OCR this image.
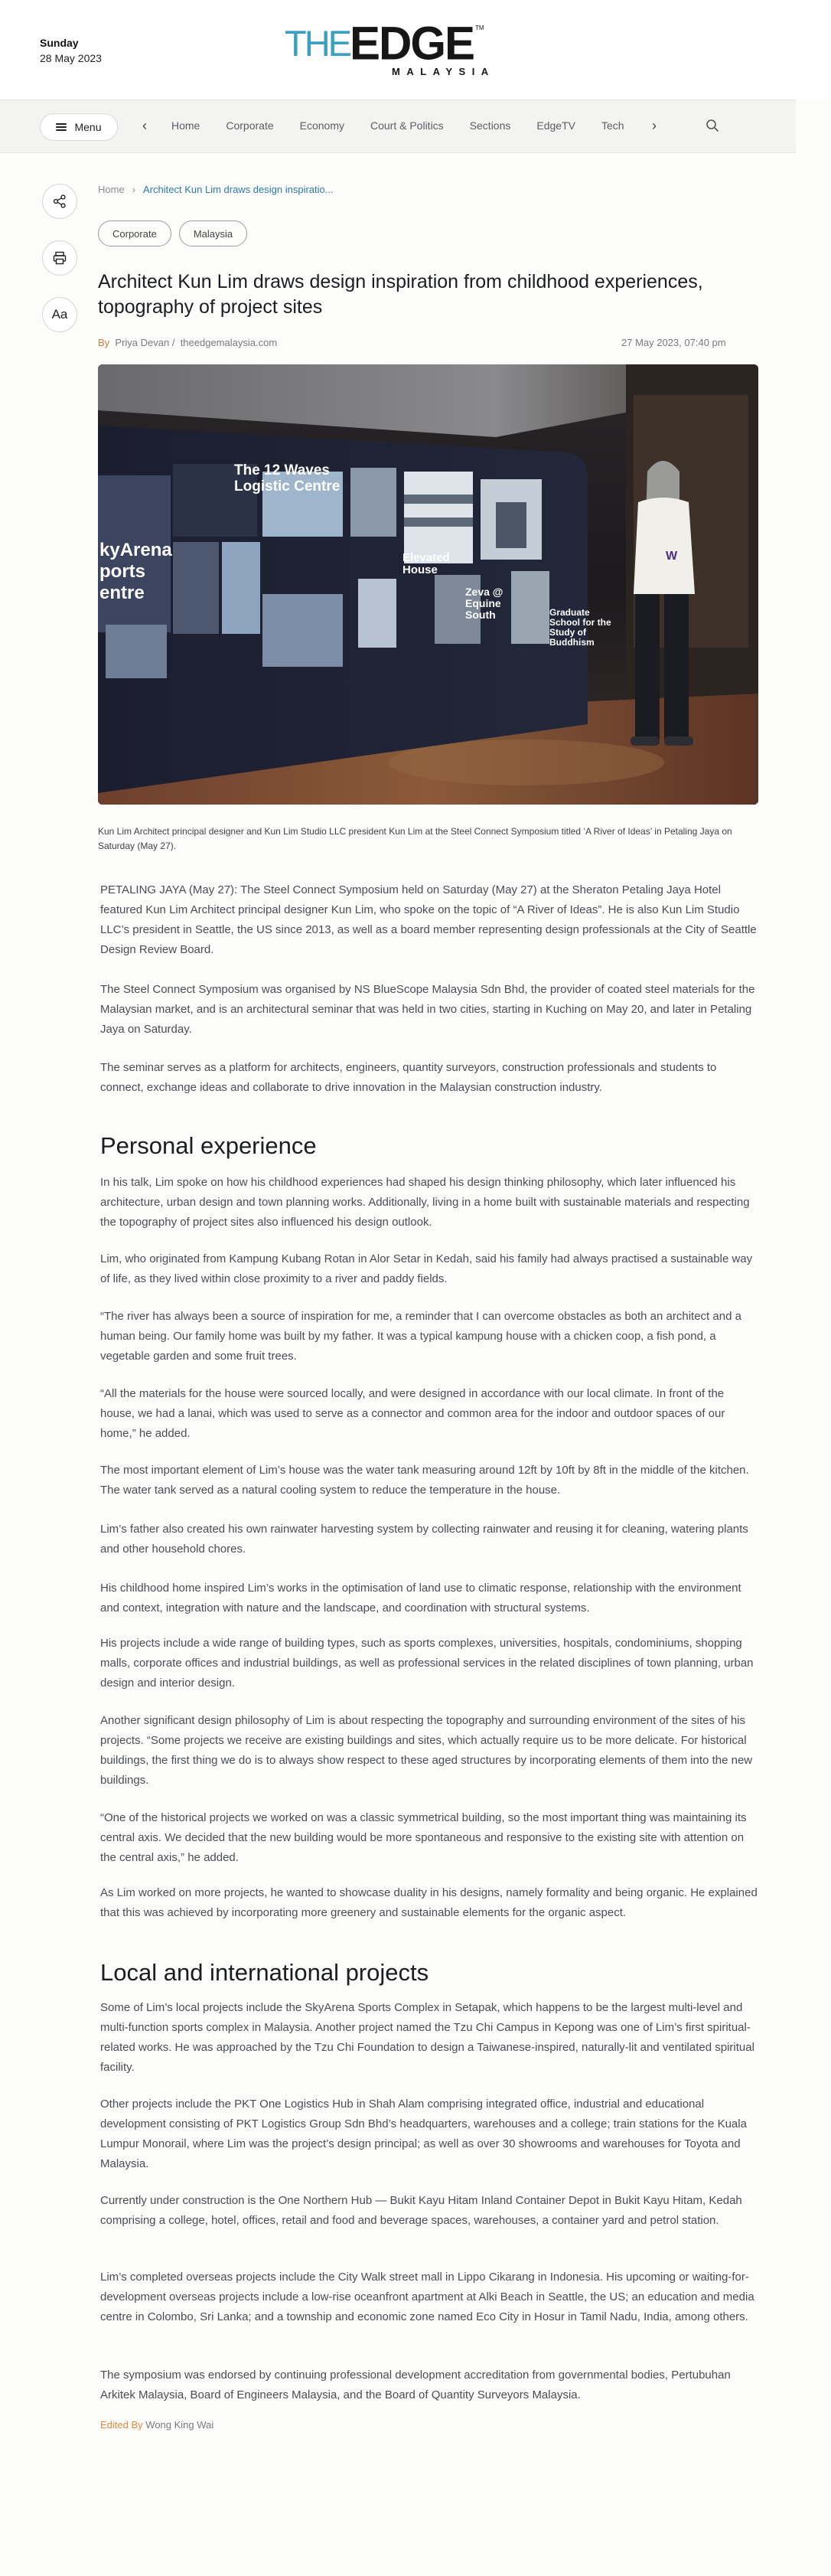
Sunday
28 May 2023	THE EDGE TM
MALAYSIA
Menu	‹ Home Corporate Economy Court & Politics Sections EdgeTV Tech ›
Aa
Home › Architect Kun Lim draws design inspiratio...
Corporate	Malaysia
Architect Kun Lim draws design inspiration from childhood experiences, topography of project sites
By Priya Devan / theedgemalaysia.com	27 May 2023, 07:40 pm
kyArena
ports
entre
The 12 Waves Logistic Centre
Elevated House
Zeva @ Equine South	Graduate School for the Study of Buddhism
W

Kun Lim Architect principal designer and Kun Lim Studio LLC president Kun Lim at the Steel Connect Symposium titled ‘A River of Ideas’ in Petaling Jaya on Saturday (May 27).

PETALING JAYA (May 27): The Steel Connect Symposium held on Saturday (May 27) at the Sheraton Petaling Jaya Hotel featured Kun Lim Architect principal designer Kun Lim, who spoke on the topic of “A River of Ideas”. He is also Kun Lim Studio LLC’s president in Seattle, the US since 2013, as well as a board member representing design professionals at the City of Seattle Design Review Board.

The Steel Connect Symposium was organised by NS BlueScope Malaysia Sdn Bhd, the provider of coated steel materials for the Malaysian market, and is an architectural seminar that was held in two cities, starting in Kuching on May 20, and later in Petaling Jaya on Saturday.

The seminar serves as a platform for architects, engineers, quantity surveyors, construction professionals and students to connect, exchange ideas and collaborate to drive innovation in the Malaysian construction industry.

Personal experience

In his talk, Lim spoke on how his childhood experiences had shaped his design thinking philosophy, which later influenced his architecture, urban design and town planning works. Additionally, living in a home built with sustainable materials and respecting the topography of project sites also influenced his design outlook.

Lim, who originated from Kampung Kubang Rotan in Alor Setar in Kedah, said his family had always practised a sustainable way of life, as they lived within close proximity to a river and paddy fields.

“The river has always been a source of inspiration for me, a reminder that I can overcome obstacles as both an architect and a human being. Our family home was built by my father. It was a typical kampung house with a chicken coop, a fish pond, a vegetable garden and some fruit trees.

“All the materials for the house were sourced locally, and were designed in accordance with our local climate. In front of the house, we had a lanai, which was used to serve as a connector and common area for the indoor and outdoor spaces of our home,” he added.

The most important element of Lim’s house was the water tank measuring around 12ft by 10ft by 8ft in the middle of the kitchen. The water tank served as a natural cooling system to reduce the temperature in the house.

Lim’s father also created his own rainwater harvesting system by collecting rainwater and reusing it for cleaning, watering plants and other household chores.

His childhood home inspired Lim’s works in the optimisation of land use to climatic response, relationship with the environment and context, integration with nature and the landscape, and coordination with structural systems.

His projects include a wide range of building types, such as sports complexes, universities, hospitals, condominiums, shopping malls, corporate offices and industrial buildings, as well as professional services in the related disciplines of town planning, urban design and interior design.

Another significant design philosophy of Lim is about respecting the topography and surrounding environment of the sites of his projects. “Some projects we receive are existing buildings and sites, which actually require us to be more delicate. For historical buildings, the first thing we do is to always show respect to these aged structures by incorporating elements of them into the new buildings.

“One of the historical projects we worked on was a classic symmetrical building, so the most important thing was maintaining its central axis. We decided that the new building would be more spontaneous and responsive to the existing site with attention on the central axis,” he added.

As Lim worked on more projects, he wanted to showcase duality in his designs, namely formality and being organic. He explained that this was achieved by incorporating more greenery and sustainable elements for the organic aspect.

Local and international projects

Some of Lim’s local projects include the SkyArena Sports Complex in Setapak, which happens to be the largest multi-level and multi-function sports complex in Malaysia. Another project named the Tzu Chi Campus in Kepong was one of Lim’s first spiritual-related works. He was approached by the Tzu Chi Foundation to design a Taiwanese-inspired, naturally-lit and ventilated spiritual facility.

Other projects include the PKT One Logistics Hub in Shah Alam comprising integrated office, industrial and educational development consisting of PKT Logistics Group Sdn Bhd’s headquarters, warehouses and a college; train stations for the Kuala Lumpur Monorail, where Lim was the project’s design principal; as well as over 30 showrooms and warehouses for Toyota and Malaysia.

Currently under construction is the One Northern Hub — Bukit Kayu Hitam Inland Container Depot in Bukit Kayu Hitam, Kedah comprising a college, hotel, offices, retail and food and beverage spaces, warehouses, a container yard and petrol station.

Lim’s completed overseas projects include the City Walk street mall in Lippo Cikarang in Indonesia. His upcoming or waiting-for-development overseas projects include a low-rise oceanfront apartment at Alki Beach in Seattle, the US; an education and media centre in Colombo, Sri Lanka; and a township and economic zone named Eco City in Hosur in Tamil Nadu, India, among others.

The symposium was endorsed by continuing professional development accreditation from governmental bodies, Pertubuhan Arkitek Malaysia, Board of Engineers Malaysia, and the Board of Quantity Surveyors Malaysia.

Edited By Wong King Wai
